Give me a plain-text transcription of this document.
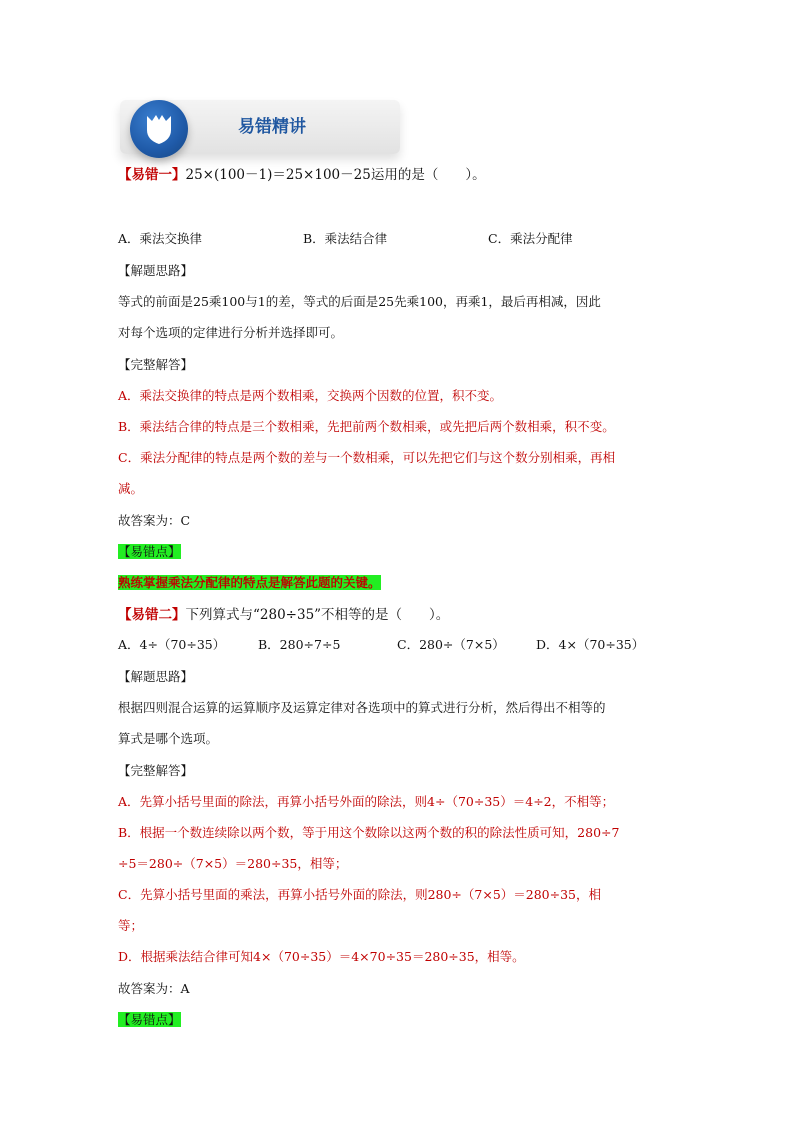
易错精讲
【易错一】25×(100－1)＝25×100－25运用的是（　　）。
A．乘法交换律	B．乘法结合律	C．乘法分配律
【解题思路】
等式的前面是25乘100与1的差，等式的后面是25先乘100，再乘1，最后再相减，因此
对每个选项的定律进行分析并选择即可。
【完整解答】
A．乘法交换律的特点是两个数相乘，交换两个因数的位置，积不变。
B．乘法结合律的特点是三个数相乘，先把前两个数相乘，或先把后两个数相乘，积不变。
C．乘法分配律的特点是两个数的差与一个数相乘，可以先把它们与这个数分别相乘，再相
减。
故答案为：C
【易错点】
熟练掌握乘法分配律的特点是解答此题的关键。
【易错二】下列算式与“280÷35”不相等的是（　　）。
A．4÷（70÷35）	B．280÷7÷5	C．280÷（7×5） D．4×（70÷35）
【解题思路】
根据四则混合运算的运算顺序及运算定律对各选项中的算式进行分析，然后得出不相等的
算式是哪个选项。
【完整解答】
A．先算小括号里面的除法，再算小括号外面的除法，则4÷（70÷35）＝4÷2，不相等；
B．根据一个数连续除以两个数，等于用这个数除以这两个数的积的除法性质可知，280÷7
÷5＝280÷（7×5）＝280÷35，相等；
C．先算小括号里面的乘法，再算小括号外面的除法，则280÷（7×5）＝280÷35，相
等；
D．根据乘法结合律可知4×（70÷35）＝4×70÷35＝280÷35，相等。
故答案为：A
【易错点】
